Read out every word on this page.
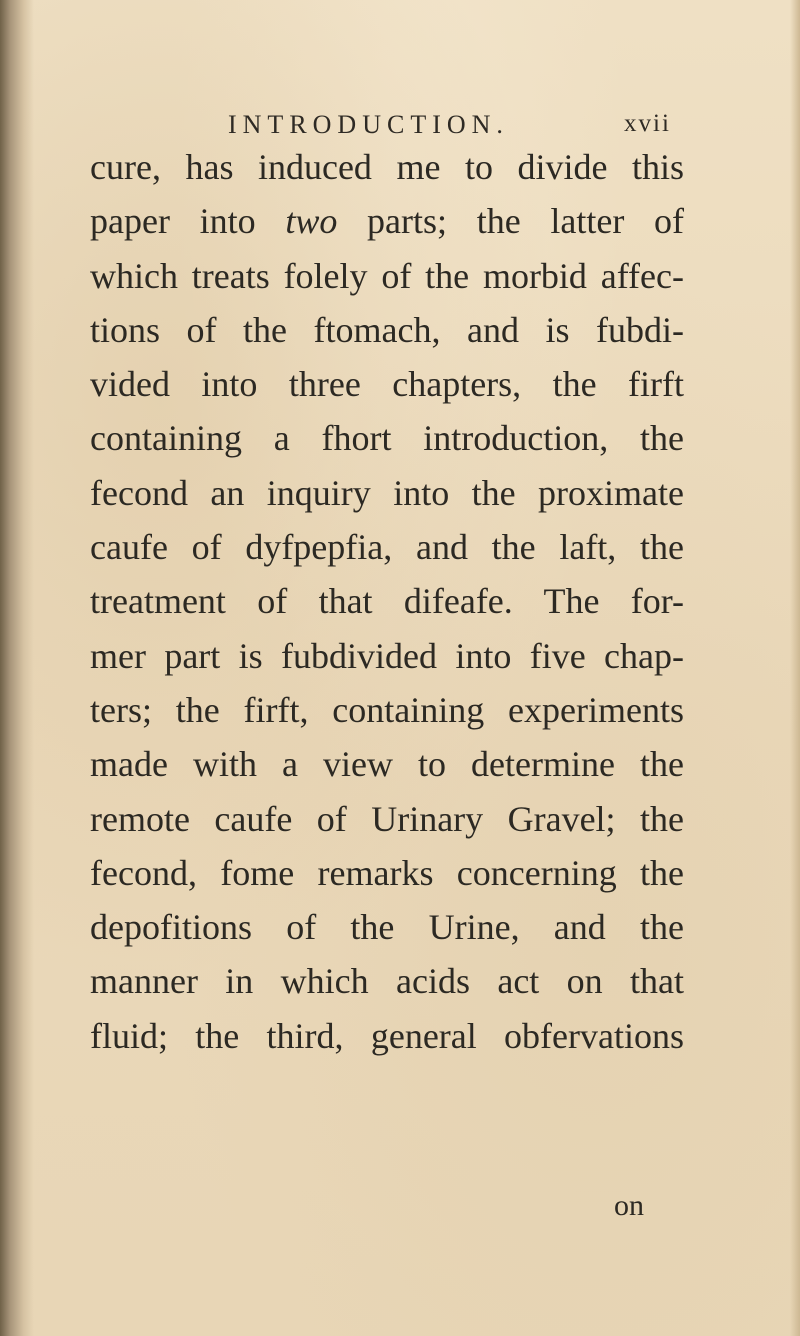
INTRODUCTION.	xvii
cure, has induced me to divide this
paper into two parts; the latter of
which treats folely of the morbid affec-
tions of the ftomach, and is fubdi-
vided into three chapters, the firft
containing a fhort introduction, the
fecond an inquiry into the proximate
caufe of dyfpepfia, and the laft, the
treatment of that difeafe. The for-
mer part is fubdivided into five chap-
ters; the firft, containing experiments
made with a view to determine the
remote caufe of Urinary Gravel; the
fecond, fome remarks concerning the
depofitions of the Urine, and the
manner in which acids act on that
fluid; the third, general obfervations
on
